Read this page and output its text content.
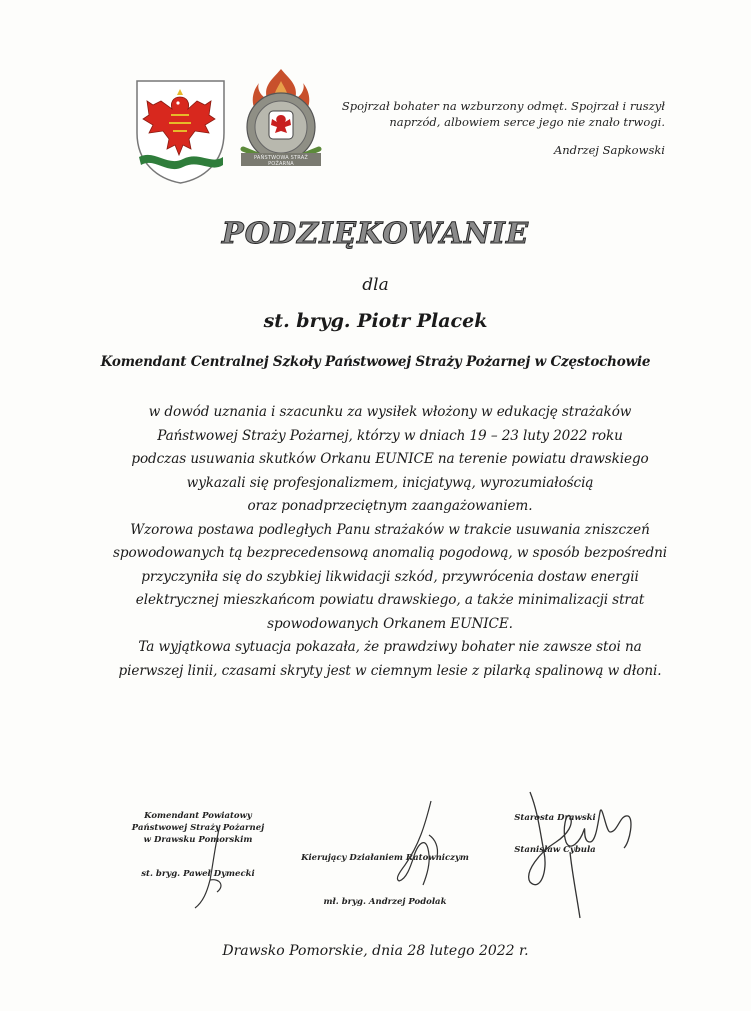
PAŃSTWOWA STRAŻ POŻARNA
Spojrzał bohater na wzburzony odmęt. Spojrzał i ruszył
naprzód, albowiem serce jego nie znało trwogi.
Andrzej Sapkowski
PODZIĘKOWANIE
dla
st. bryg. Piotr Placek
Komendant Centralnej Szkoły Państwowej Straży Pożarnej w Częstochowie
w dowód uznania i szacunku za wysiłek włożony w edukację strażaków
Państwowej Straży Pożarnej, którzy w dniach 19 – 23 luty 2022 roku
podczas usuwania skutków Orkanu EUNICE na terenie powiatu drawskiego
wykazali się profesjonalizmem, inicjatywą, wyrozumiałością
oraz ponadprzeciętnym zaangażowaniem.
Wzorowa postawa podległych Panu strażaków w trakcie usuwania zniszczeń
spowodowanych tą bezprecedensową anomalią pogodową, w sposób bezpośredni
przyczyniła się do szybkiej likwidacji szkód, przywrócenia dostaw energii
elektrycznej mieszkańcom powiatu drawskiego, a także minimalizacji strat
spowodowanych Orkanem EUNICE.
Ta wyjątkowa sytuacja pokazała, że prawdziwy bohater nie zawsze stoi na
pierwszej linii, czasami skryty jest w ciemnym lesie z pilarką spalinową w dłoni.
Komendant Powiatowy
Państwowej Straży Pożarnej
w Drawsku Pomorskim
st. bryg. Paweł Dymecki
Kierujący Działaniem Ratowniczym
mł. bryg. Andrzej Podolak
Starosta Drawski
Stanisław Cybula
Drawsko Pomorskie, dnia 28 lutego 2022 r.
